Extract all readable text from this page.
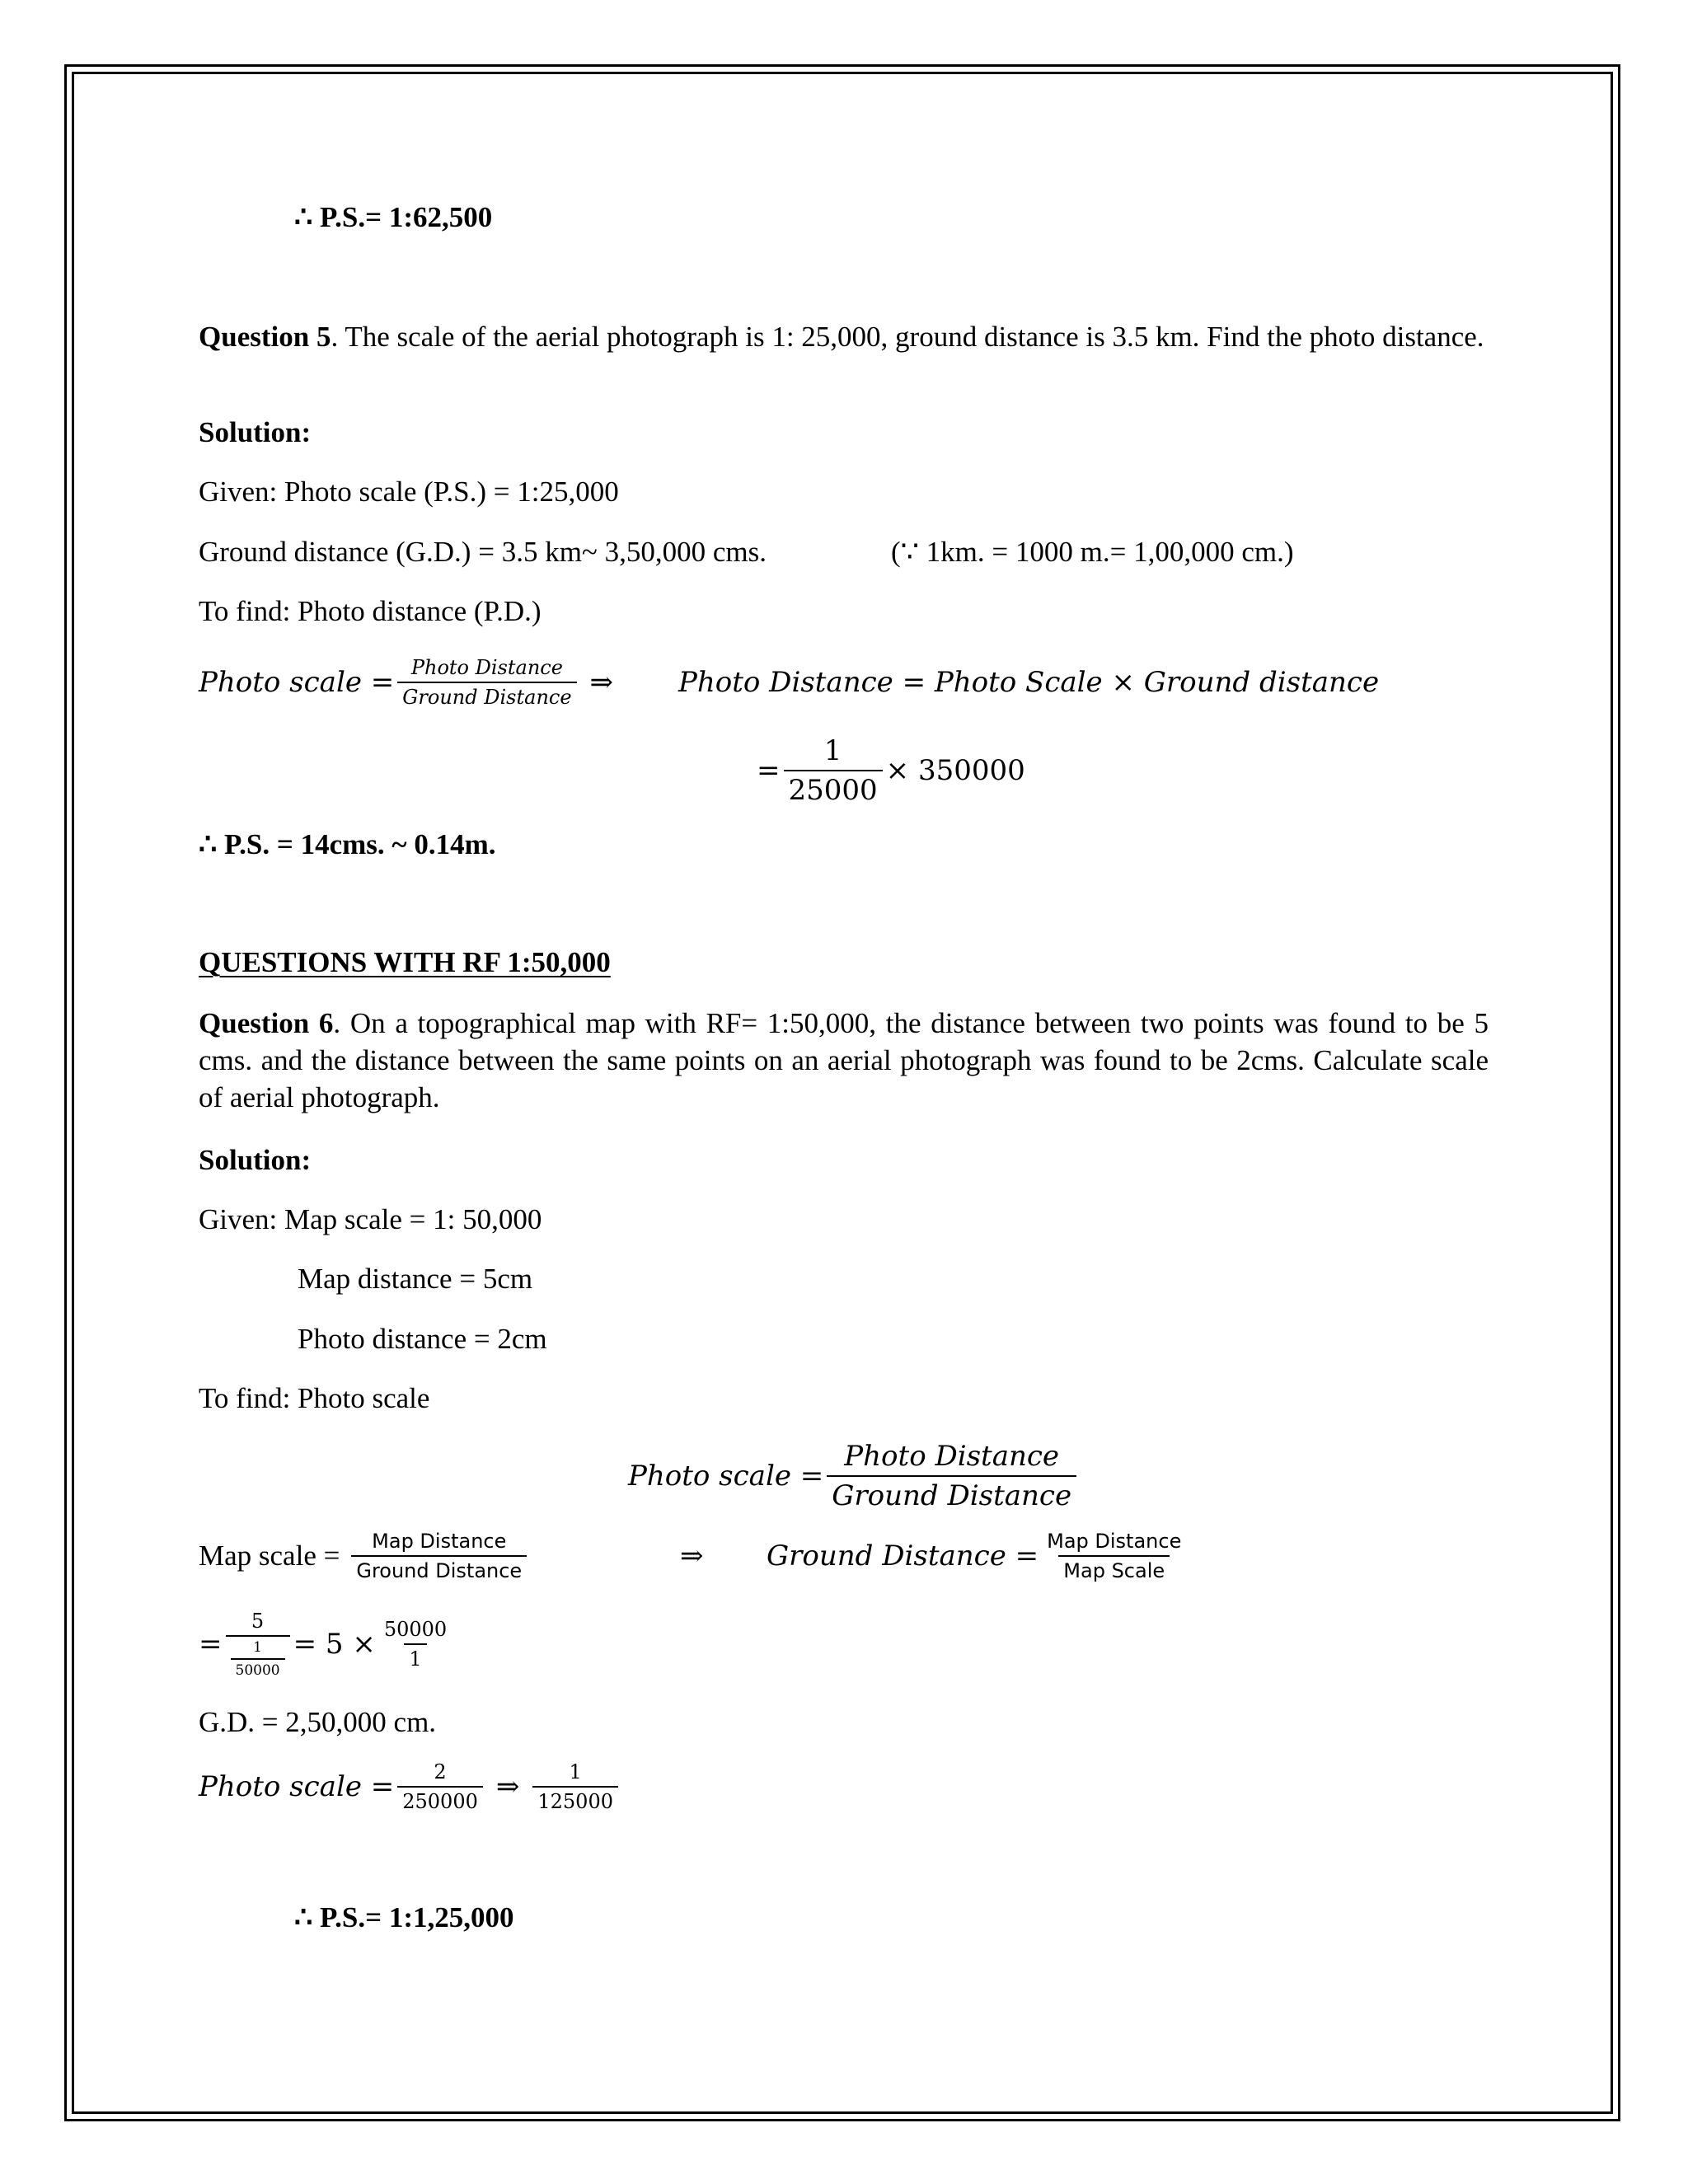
∴ P.S.= 1:62,500
Question 5. The scale of the aerial photograph is 1: 25,000, ground distance is 3.5 km. Find the photo distance.
Solution:
Given: Photo scale (P.S.) = 1:25,000
Ground distance (G.D.) = 3.5 km~ 3,50,000 cms.	(∵ 1km. = 1000 m.= 1,00,000 cm.)
To find: Photo distance (P.D.)
Photo scale = $\frac{\text{Photo Distance}}{\text{Ground Distance}}$ ⇒ Photo Distance = Photo Scale × Ground distance
= $\frac{1}{25000} \times 350000$
∴ P.S. = 14cms. ~ 0.14m.
QUESTIONS WITH RF 1:50,000
Question 6. On a topographical map with RF= 1:50,000, the distance between two points was found to be 5 cms. and the distance between the same points on an aerial photograph was found to be 2cms. Calculate scale of aerial photograph.
Solution:
Given: Map scale = 1: 50,000
Map distance = 5cm
Photo distance = 2cm
To find: Photo scale
Photo scale = $\frac{\text{Photo Distance}}{\text{Ground Distance}}$
Map scale = $\frac{\text{Map Distance}}{\text{Ground Distance}}$	⇒ Ground Distance = $\frac{\text{Map Distance}}{\text{Map Scale}}$
= $\frac{5}{\frac{1}{50000}} = 5 \times \frac{50000}{1}$
G.D. = 2,50,000 cm.
Photo scale = $\frac{2}{250000}$ ⇒ $\frac{1}{125000}$
∴ P.S.= 1:1,25,000
